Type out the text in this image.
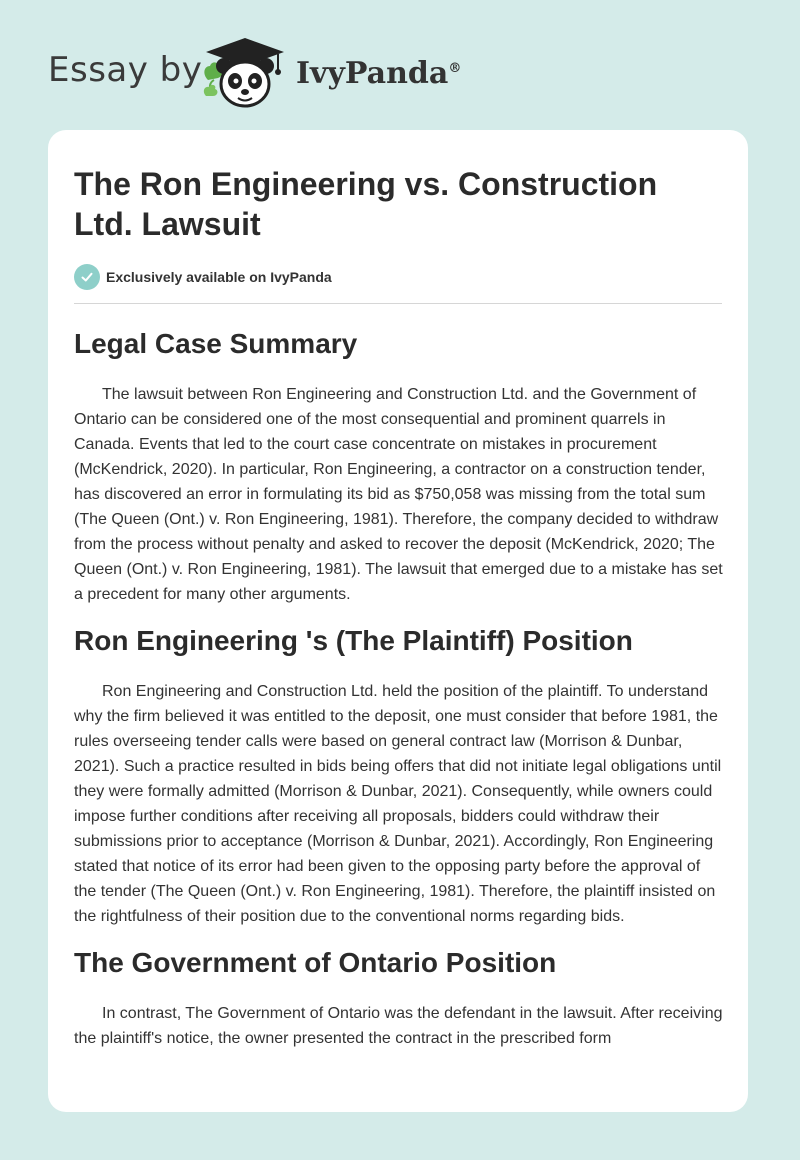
Essay by	IvyPanda®
The Ron Engineering vs. Construction Ltd. Lawsuit
Exclusively available on IvyPanda
Legal Case Summary

The lawsuit between Ron Engineering and Construction Ltd. and the Government of Ontario can be considered one of the most consequential and prominent quarrels in Canada. Events that led to the court case concentrate on mistakes in procurement (McKendrick, 2020). In particular, Ron Engineering, a contractor on a construction tender, has discovered an error in formulating its bid as $750,058 was missing from the total sum (The Queen (Ont.) v. Ron Engineering, 1981). Therefore, the company decided to withdraw from the process without penalty and asked to recover the deposit (McKendrick, 2020; The Queen (Ont.) v. Ron Engineering, 1981). The lawsuit that emerged due to a mistake has set a precedent for many other arguments.

Ron Engineering 's (The Plaintiff) Position

Ron Engineering and Construction Ltd. held the position of the plaintiff. To understand why the firm believed it was entitled to the deposit, one must consider that before 1981, the rules overseeing tender calls were based on general contract law (Morrison & Dunbar, 2021). Such a practice resulted in bids being offers that did not initiate legal obligations until they were formally admitted (Morrison & Dunbar, 2021). Consequently, while owners could impose further conditions after receiving all proposals, bidders could withdraw their submissions prior to acceptance (Morrison & Dunbar, 2021). Accordingly, Ron Engineering stated that notice of its error had been given to the opposing party before the approval of the tender (The Queen (Ont.) v. Ron Engineering, 1981). Therefore, the plaintiff insisted on the rightfulness of their position due to the conventional norms regarding bids.

The Government of Ontario Position

In contrast, The Government of Ontario was the defendant in the lawsuit. After receiving the plaintiff's notice, the owner presented the contract in the prescribed form
